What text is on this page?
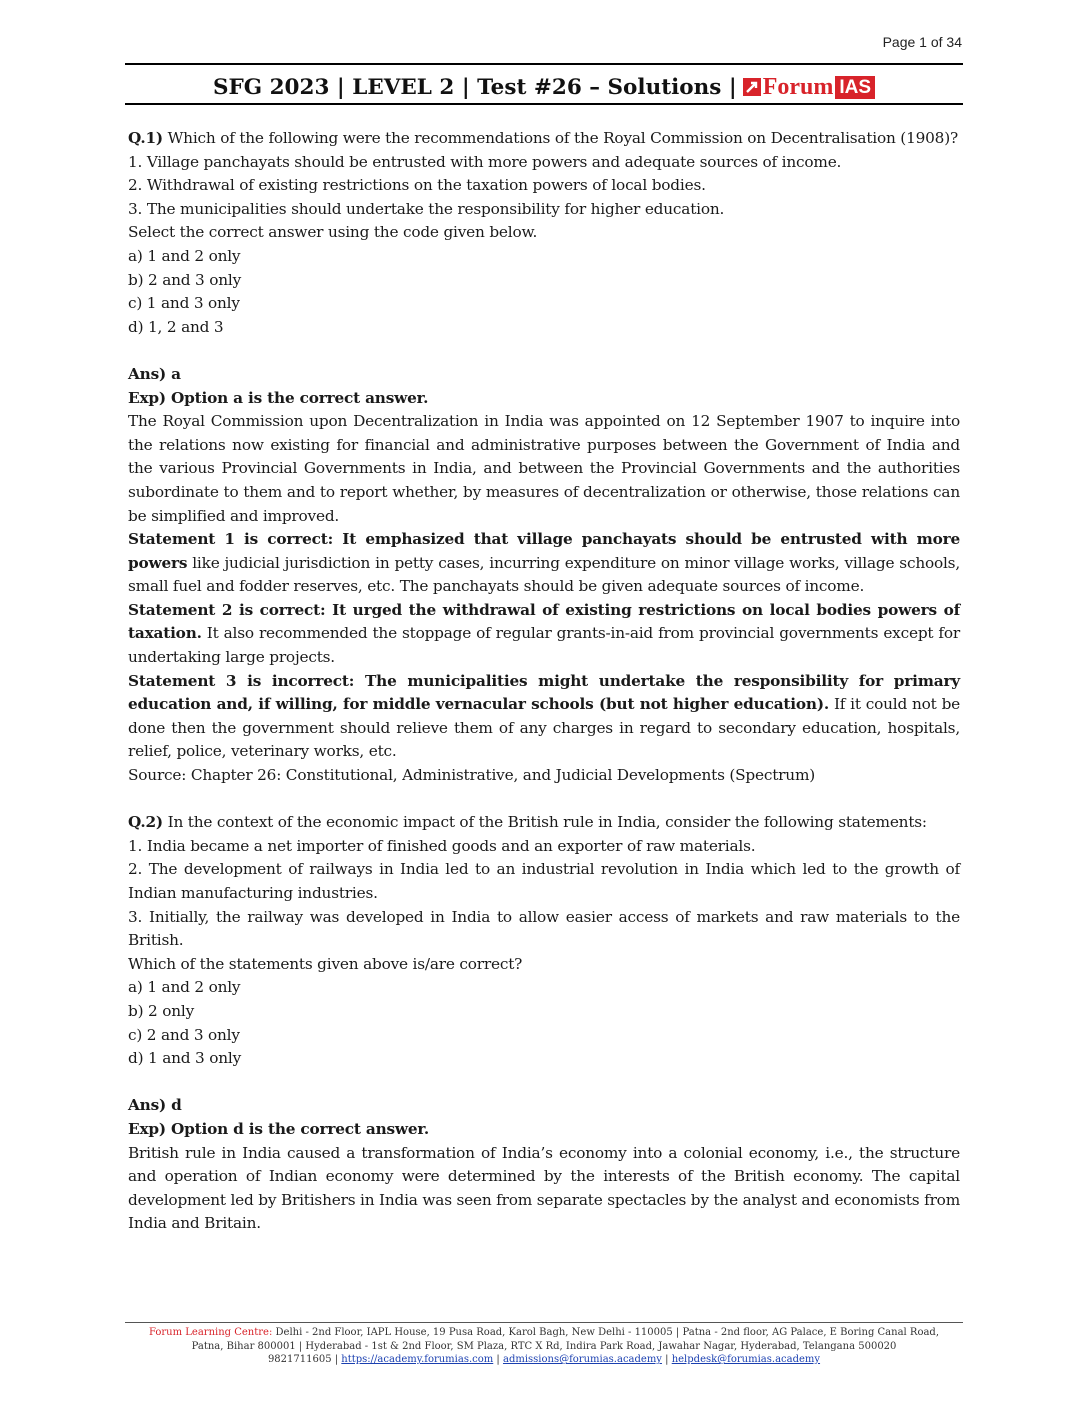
Page 1 of 34
SFG 2023 | LEVEL 2 | Test #26 – Solutions | Forum IAS

Q.1) Which of the following were the recommendations of the Royal Commission on Decentralisation (1908)?

1. Village panchayats should be entrusted with more powers and adequate sources of income.

2. Withdrawal of existing restrictions on the taxation powers of local bodies.

3. The municipalities should undertake the responsibility for higher education.

Select the correct answer using the code given below.

a) 1 and 2 only

b) 2 and 3 only

c) 1 and 3 only

d) 1, 2 and 3

Ans) a

Exp) Option a is the correct answer.

The Royal Commission upon Decentralization in India was appointed on 12 September 1907 to inquire into the relations now existing for financial and administrative purposes between the Government of India and the various Provincial Governments in India, and between the Provincial Governments and the authorities subordinate to them and to report whether, by measures of decentralization or otherwise, those relations can be simplified and improved.

Statement 1 is correct: It emphasized that village panchayats should be entrusted with more powers like judicial jurisdiction in petty cases, incurring expenditure on minor village works, village schools, small fuel and fodder reserves, etc. The panchayats should be given adequate sources of income.

Statement 2 is correct: It urged the withdrawal of existing restrictions on local bodies powers of taxation. It also recommended the stoppage of regular grants-in-aid from provincial governments except for undertaking large projects.

Statement 3 is incorrect: The municipalities might undertake the responsibility for primary education and, if willing, for middle vernacular schools (but not higher education). If it could not be done then the government should relieve them of any charges in regard to secondary education, hospitals, relief, police, veterinary works, etc.

Source: Chapter 26: Constitutional, Administrative, and Judicial Developments (Spectrum)

Q.2) In the context of the economic impact of the British rule in India, consider the following statements:

1. India became a net importer of finished goods and an exporter of raw materials.

2. The development of railways in India led to an industrial revolution in India which led to the growth of Indian manufacturing industries.

3. Initially, the railway was developed in India to allow easier access of markets and raw materials to the British.

Which of the statements given above is/are correct?

a) 1 and 2 only

b) 2 only

c) 2 and 3 only

d) 1 and 3 only

Ans) d

Exp) Option d is the correct answer.

British rule in India caused a transformation of India’s economy into a colonial economy, i.e., the structure and operation of Indian economy were determined by the interests of the British economy. The capital development led by Britishers in India was seen from separate spectacles by the analyst and economists from India and Britain.

Forum Learning Centre: Delhi - 2nd Floor, IAPL House, 19 Pusa Road, Karol Bagh, New Delhi - 110005 | Patna - 2nd floor, AG Palace, E Boring Canal Road,
Patna, Bihar 800001 | Hyderabad - 1st & 2nd Floor, SM Plaza, RTC X Rd, Indira Park Road, Jawahar Nagar, Hyderabad, Telangana 500020
9821711605 | https://academy.forumias.com | admissions@forumias.academy | helpdesk@forumias.academy
